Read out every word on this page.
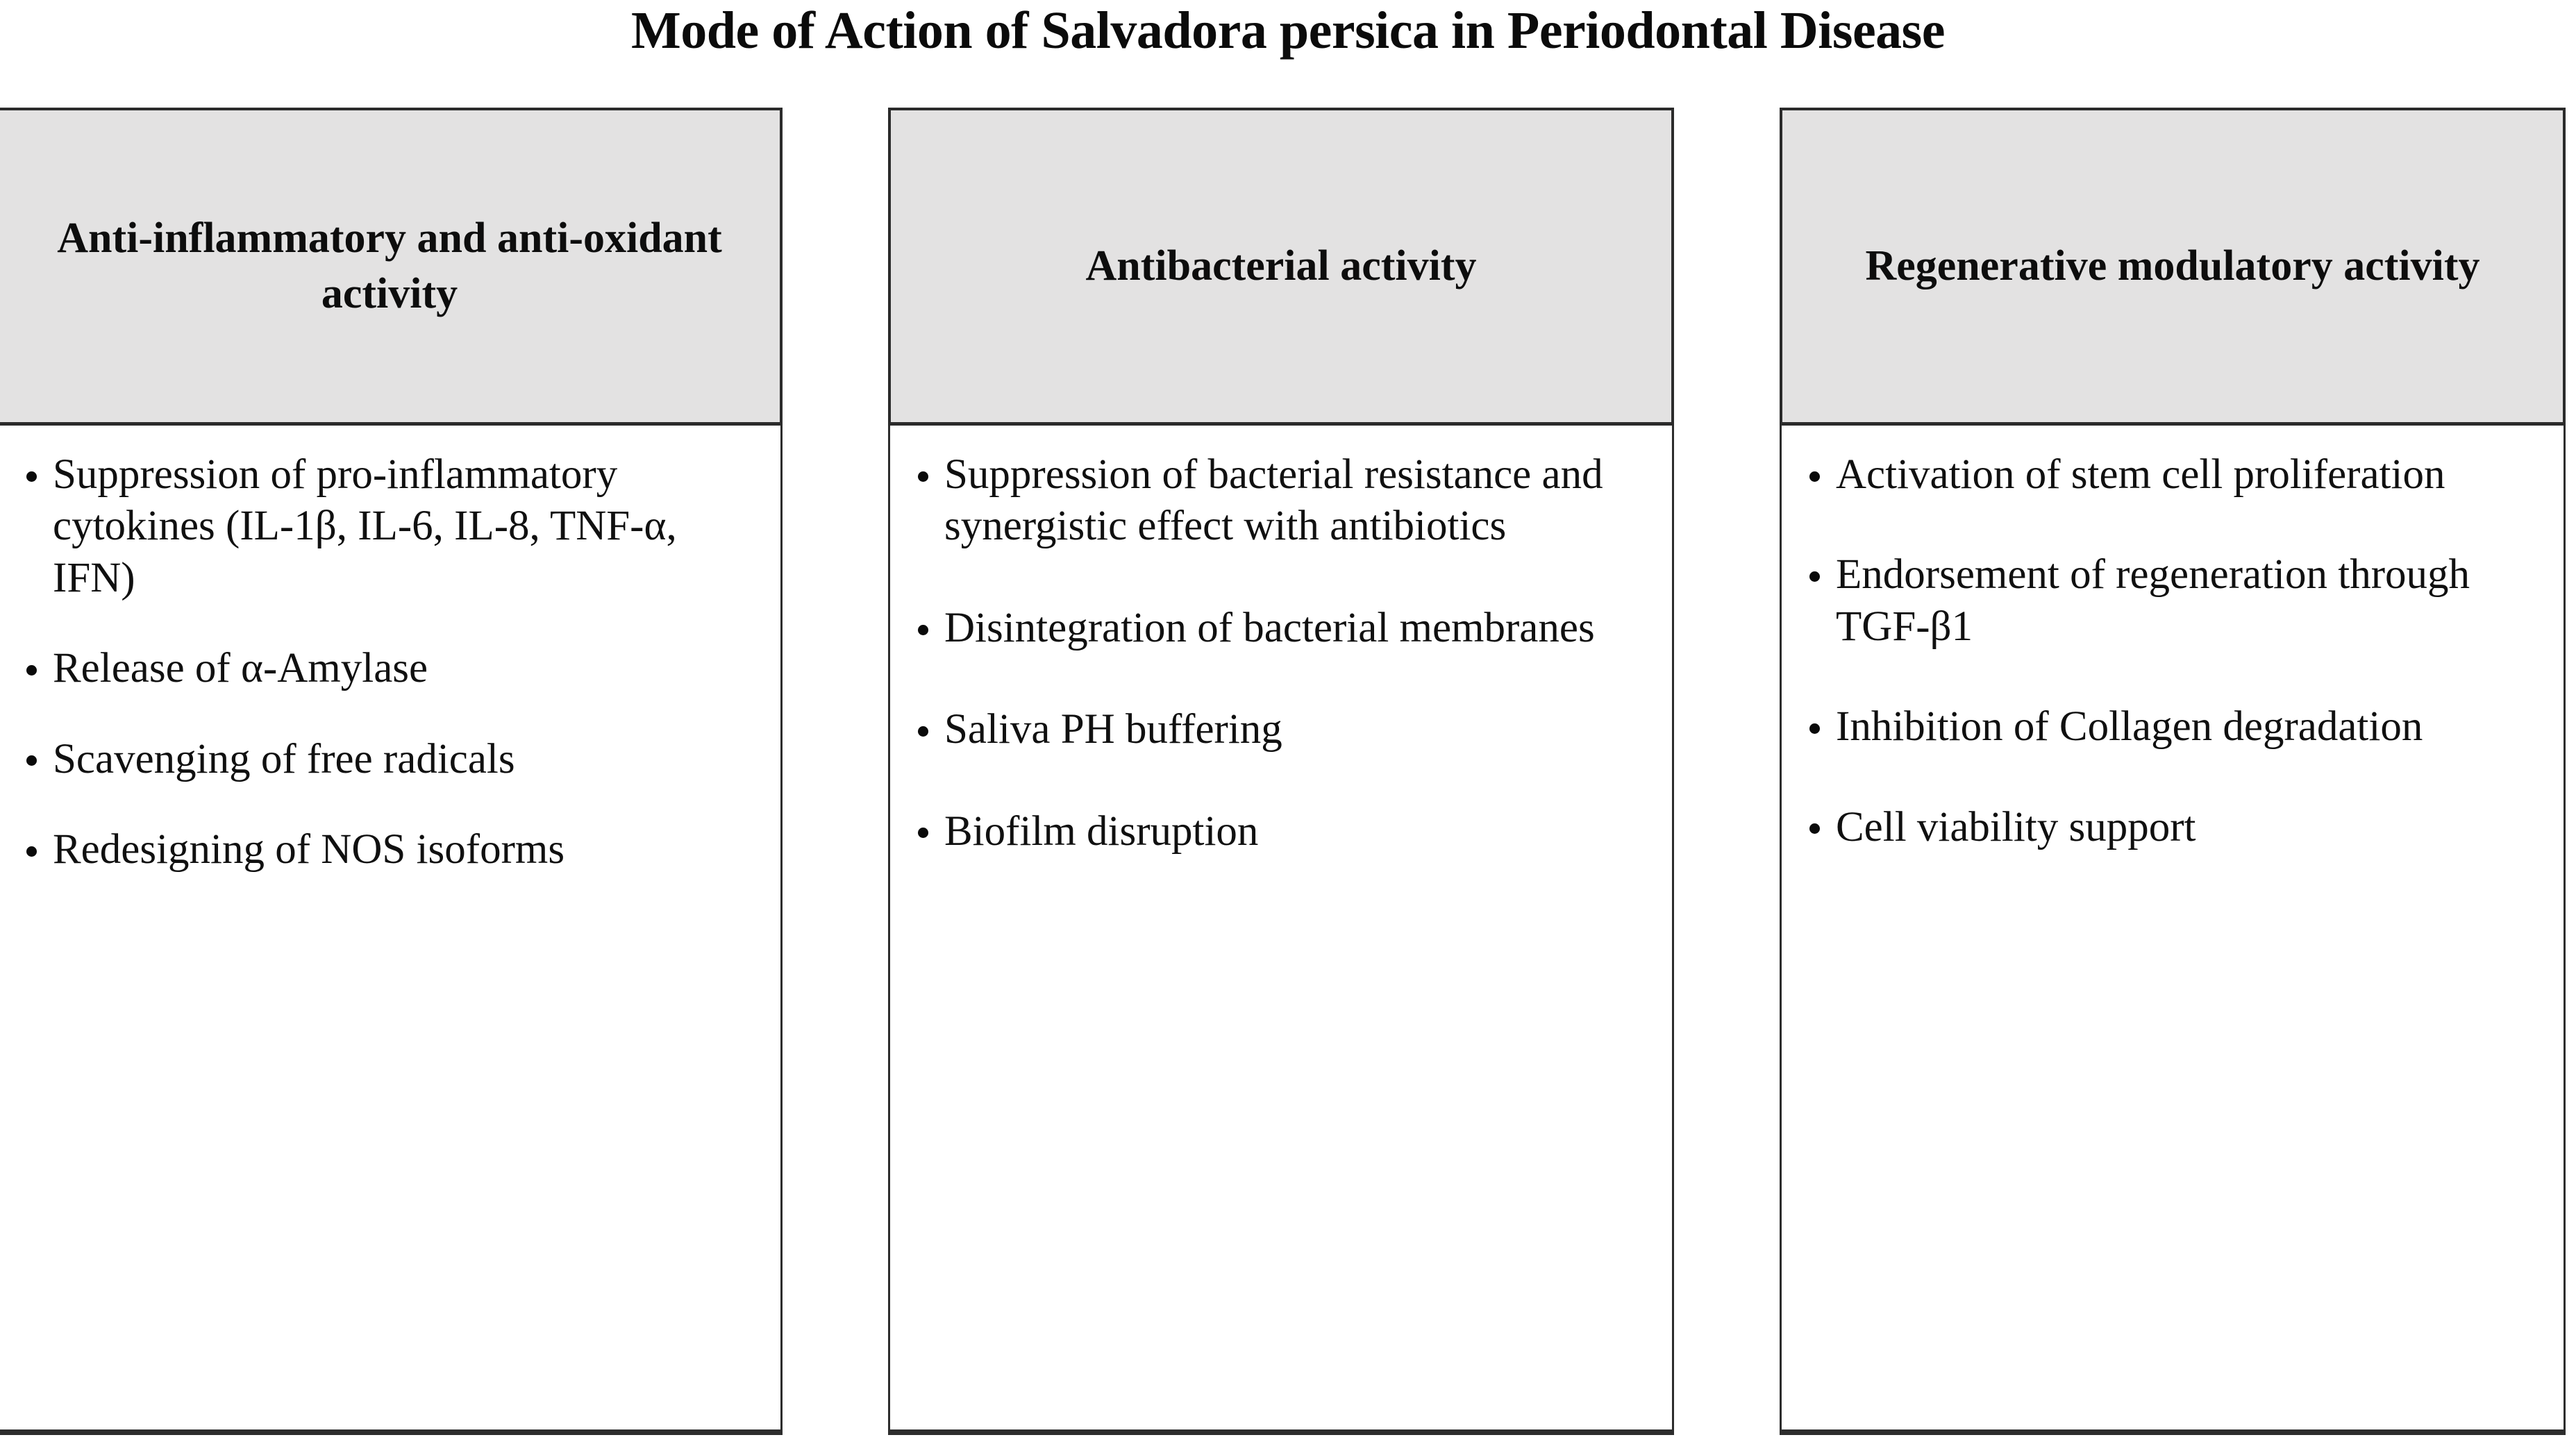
Mode of Action of Salvadora persica in Periodontal Disease
Anti-inflammatory and anti-oxidant activity
Suppression of pro-inflammatory cytokines (IL-1β, IL-6, IL-8, TNF-α, IFN)
Release of α-Amylase
Scavenging of free radicals
Redesigning of NOS isoforms
Antibacterial activity
Suppression of bacterial resistance and synergistic effect with antibiotics
Disintegration of bacterial membranes
Saliva PH buffering
Biofilm disruption
Regenerative modulatory activity
Activation of stem cell proliferation
Endorsement of regeneration through TGF-β1
Inhibition of Collagen degradation
Cell viability support
